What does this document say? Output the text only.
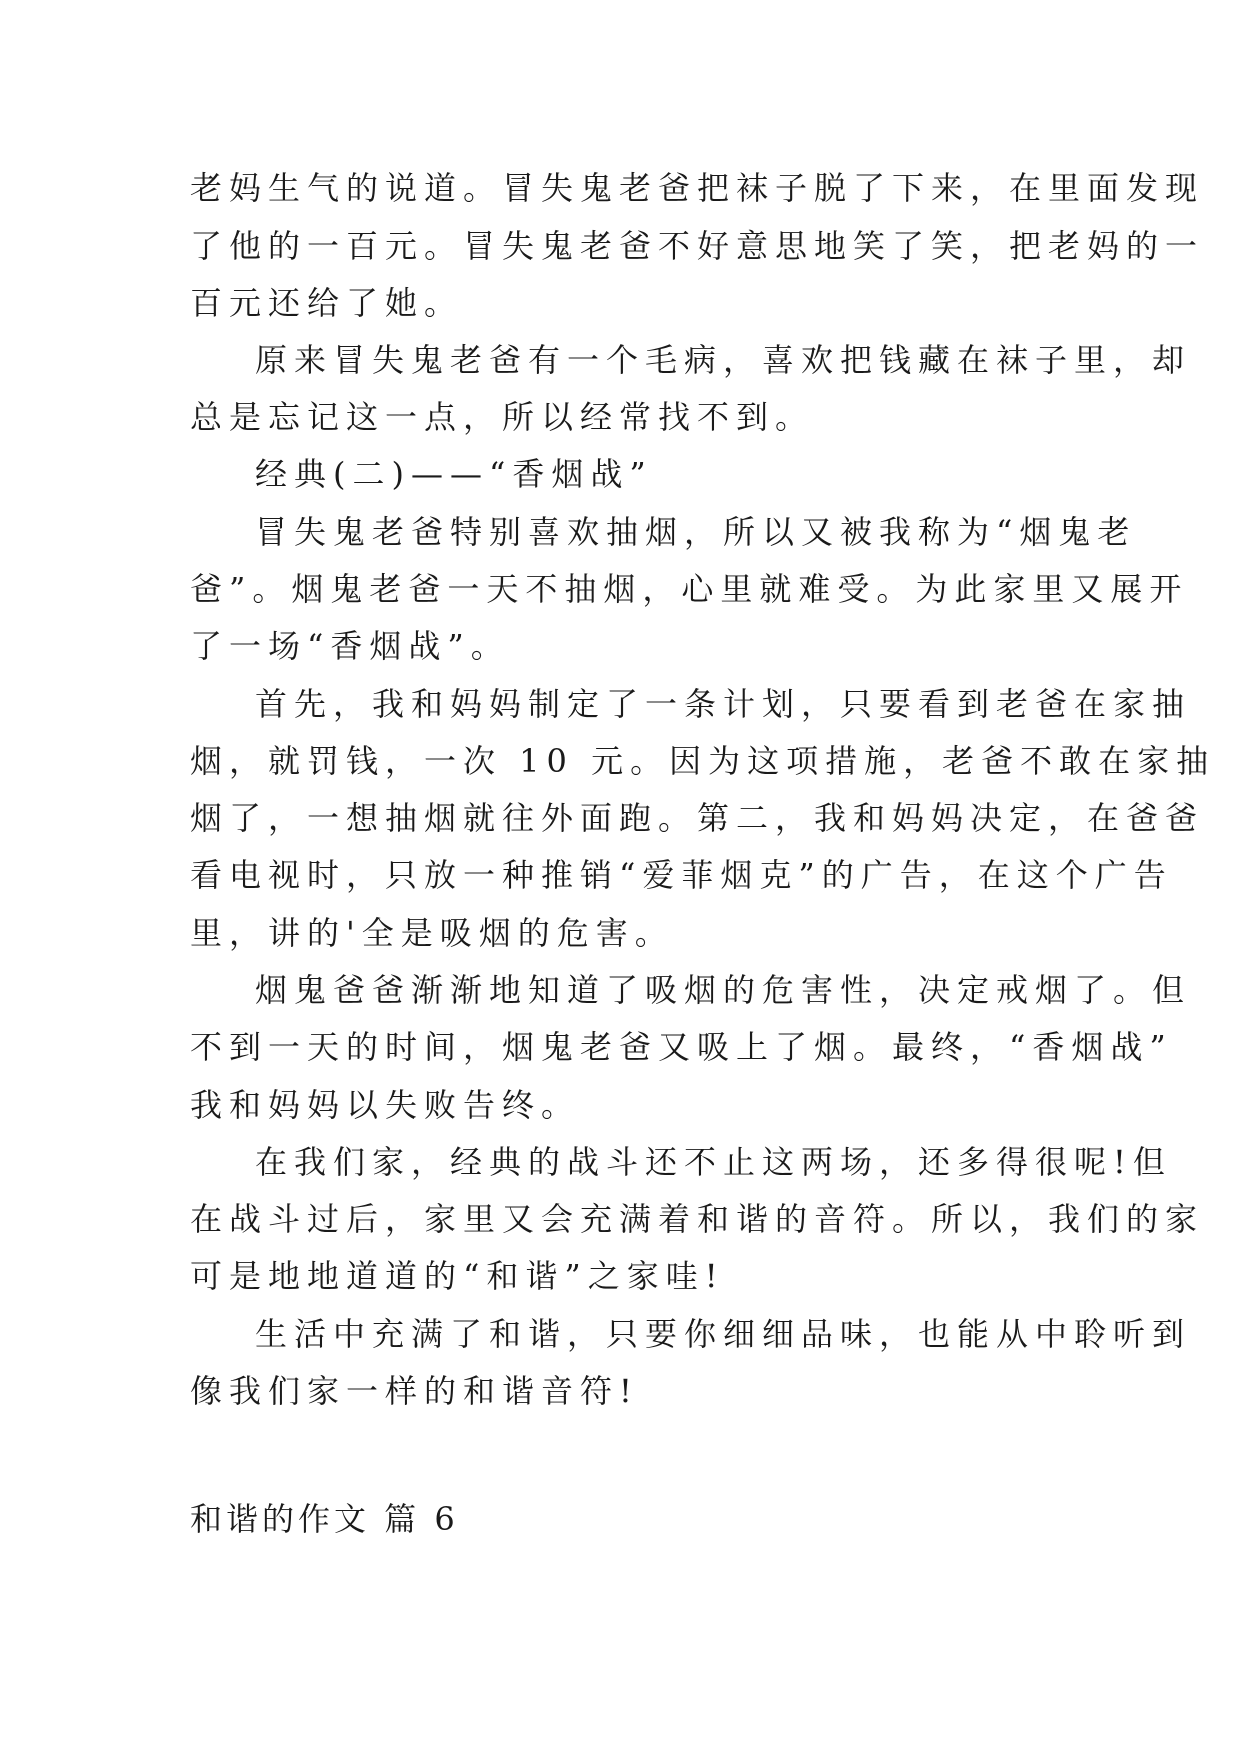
老妈生气的说道。冒失鬼老爸把袜子脱了下来，在里面发现
了他的一百元。冒失鬼老爸不好意思地笑了笑，把老妈的一
百元还给了她。
原来冒失鬼老爸有一个毛病，喜欢把钱藏在袜子里，却
总是忘记这一点，所以经常找不到。
经典(二)——“香烟战”
冒失鬼老爸特别喜欢抽烟，所以又被我称为“烟鬼老
爸”。烟鬼老爸一天不抽烟，心里就难受。为此家里又展开
了一场“香烟战”。
首先，我和妈妈制定了一条计划，只要看到老爸在家抽
烟，就罚钱，一次 10 元。因为这项措施，老爸不敢在家抽
烟了，一想抽烟就往外面跑。第二，我和妈妈决定，在爸爸
看电视时，只放一种推销“爱菲烟克”的广告，在这个广告
里，讲的'全是吸烟的危害。
烟鬼爸爸渐渐地知道了吸烟的危害性，决定戒烟了。但
不到一天的时间，烟鬼老爸又吸上了烟。最终，“香烟战”
我和妈妈以失败告终。
在我们家，经典的战斗还不止这两场，还多得很呢!但
在战斗过后，家里又会充满着和谐的音符。所以，我们的家
可是地地道道的“和谐”之家哇!
生活中充满了和谐，只要你细细品味，也能从中聆听到
像我们家一样的和谐音符!
和谐的作文 篇 6
